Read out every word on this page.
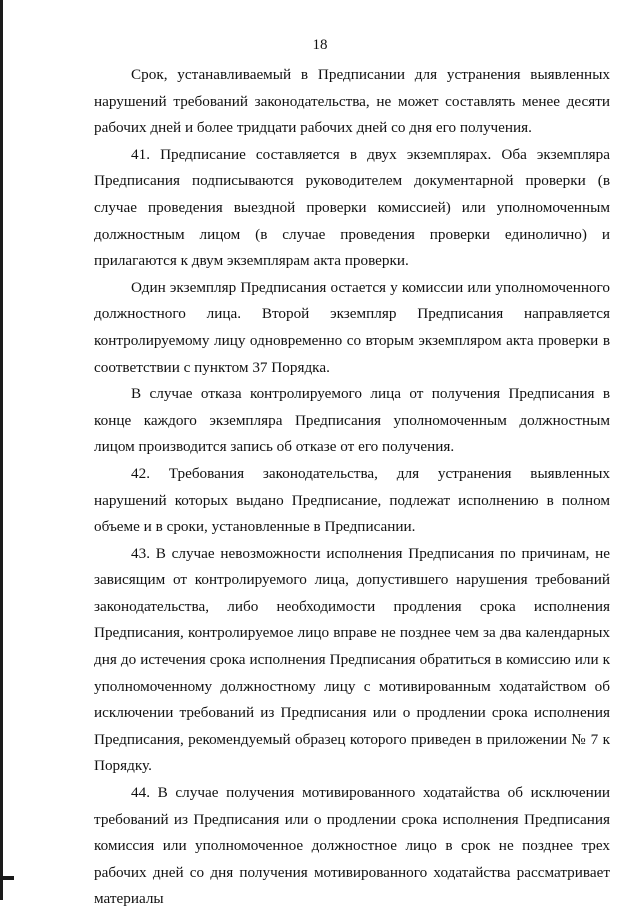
18

Срок, устанавливаемый в Предписании для устранения выявленных нарушений требований законодательства, не может составлять менее десяти рабочих дней и более тридцати рабочих дней со дня его получения.

41. Предписание составляется в двух экземплярах. Оба экземпляра Предписания подписываются руководителем документарной проверки (в случае проведения выездной проверки комиссией) или уполномоченным должностным лицом (в случае проведения проверки единолично) и прилагаются к двум экземплярам акта проверки.

Один экземпляр Предписания остается у комиссии или уполномоченного должностного лица. Второй экземпляр Предписания направляется контролируемому лицу одновременно со вторым экземпляром акта проверки в соответствии с пунктом 37 Порядка.

В случае отказа контролируемого лица от получения Предписания в конце каждого экземпляра Предписания уполномоченным должностным лицом производится запись об отказе от его получения.

42. Требования законодательства, для устранения выявленных нарушений которых выдано Предписание, подлежат исполнению в полном объеме и в сроки, установленные в Предписании.

43. В случае невозможности исполнения Предписания по причинам, не зависящим от контролируемого лица, допустившего нарушения требований законодательства, либо необходимости продления срока исполнения Предписания, контролируемое лицо вправе не позднее чем за два календарных дня до истечения срока исполнения Предписания обратиться в комиссию или к уполномоченному должностному лицу с мотивированным ходатайством об исключении требований из Предписания или о продлении срока исполнения Предписания, рекомендуемый образец которого приведен в приложении № 7 к Порядку.

44. В случае получения мотивированного ходатайства об исключении требований из Предписания или о продлении срока исполнения Предписания комиссия или уполномоченное должностное лицо в срок не позднее трех рабочих дней со дня получения мотивированного ходатайства рассматривает материалы
